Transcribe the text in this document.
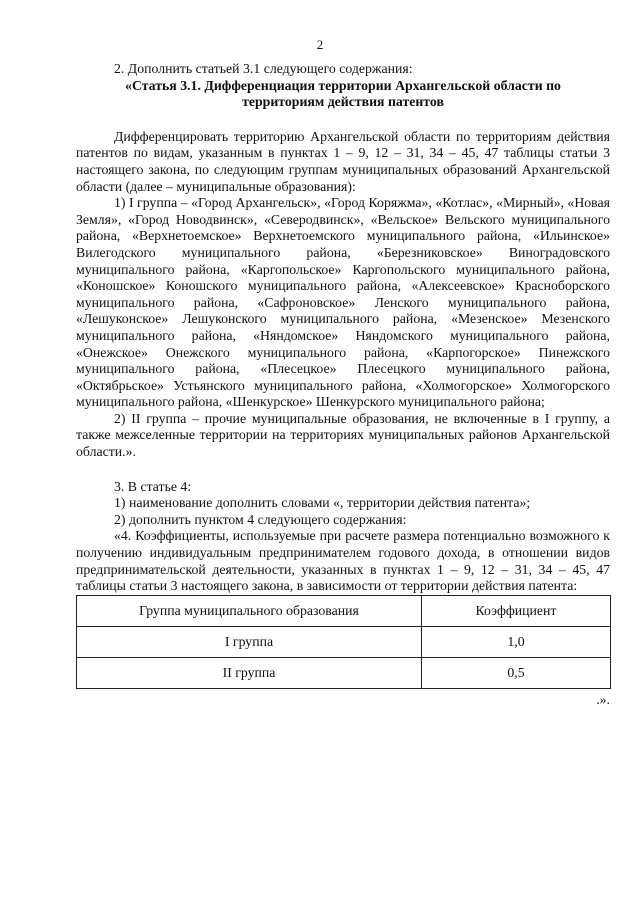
2

2. Дополнить статьей 3.1 следующего содержания:

«Статья 3.1. Дифференциация территории Архангельской области по
территориям действия патентов

Дифференцировать территорию Архангельской области по территориям действия патентов по видам, указанным в пунктах 1 – 9, 12 – 31, 34 – 45, 47 таблицы статьи 3 настоящего закона, по следующим группам муниципальных образований Архангельской области (далее – муниципальные образования):

1) I группа – «Город Архангельск», «Город Коряжма», «Котлас», «Мирный», «Новая Земля», «Город Новодвинск», «Северодвинск», «Вельское» Вельского муниципального района, «Верхнетоемское» Верхнетоемского муниципального района, «Ильинское» Вилегодского муниципального района, «Березниковское» Виноградовского муниципального района, «Каргопольское» Каргопольского муниципального района, «Коношское» Коношского муниципального района, «Алексеевское» Красноборского муниципального района, «Сафроновское» Ленского муниципального района, «Лешуконское» Лешуконского муниципального района, «Мезенское» Мезенского муниципального района, «Няндомское» Няндомского муниципального района, «Онежское» Онежского муниципального района, «Карпогорское» Пинежского муниципального района, «Плесецкое» Плесецкого муниципального района, «Октябрьское» Устьянского муниципального района, «Холмогорское» Холмогорского муниципального района, «Шенкурское» Шенкурского муниципального района;

2) II группа – прочие муниципальные образования, не включенные в I группу, а также межселенные территории на территориях муниципальных районов Архангельской области.».

3. В статье 4:

1) наименование дополнить словами «, территории действия патента»;

2) дополнить пунктом 4 следующего содержания:

«4. Коэффициенты, используемые при расчете размера потенциально возможного к получению индивидуальным предпринимателем годового дохода, в отношении видов предпринимательской деятельности, указанных в пунктах 1 – 9, 12 – 31, 34 – 45, 47 таблицы статьи 3 настоящего закона, в зависимости от территории действия патента:

Группа муниципального образования	Коэффициент
I группа	1,0
II группа	0,5

.».
